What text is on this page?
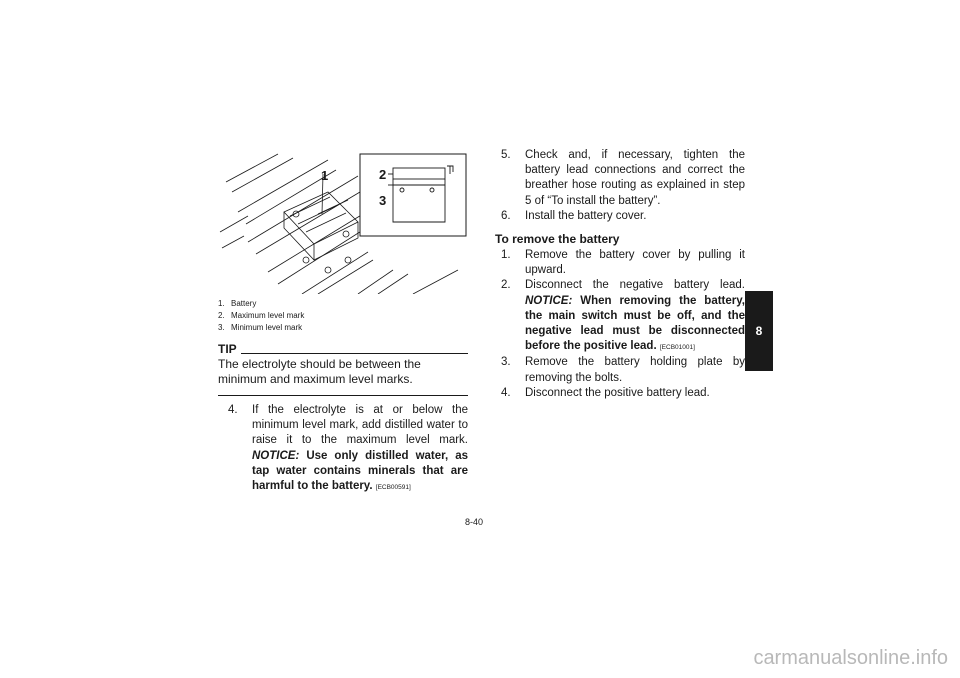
1	2
3
1. Battery
2. Maximum level mark
3. Minimum level mark
TIP
The electrolyte should be between the minimum and maximum level marks.
4.	If the electrolyte is at or below the minimum level mark, add distilled water to raise it to the maximum level mark. NOTICE: Use only distilled water, as tap water contains minerals that are harmful to the battery. [ECB00591]
5.	Check and, if necessary, tighten the battery lead connections and correct the breather hose routing as explained in step 5 of “To install the battery”.
6.	Install the battery cover.
To remove the battery
1.	Remove the battery cover by pulling it upward.
2.	Disconnect the negative battery lead. NOTICE: When removing the battery, the main switch must be off, and the negative lead must be disconnected before the positive lead. [ECB01001]
3.	Remove the battery holding plate by removing the bolts.
4.	Disconnect the positive battery lead.
8
8-40
carmanualsonline.info
